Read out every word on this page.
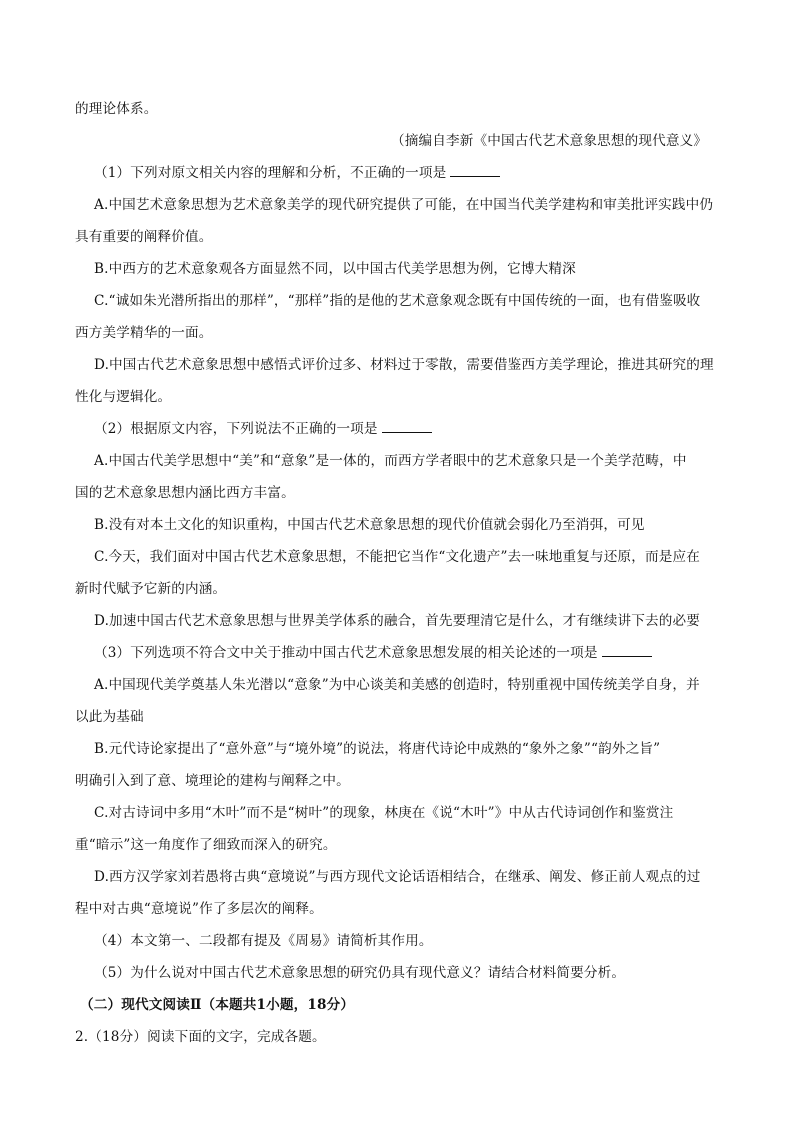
的理论体系。
（摘编自李新《中国古代艺术意象思想的现代意义》
（1）下列对原文相关内容的理解和分析，不正确的一项是
A.中国艺术意象思想为艺术意象美学的现代研究提供了可能，在中国当代美学建构和审美批评实践中仍
具有重要的阐释价值。
B.中西方的艺术意象观各方面显然不同，以中国古代美学思想为例，它博大精深
C.“诚如朱光潜所指出的那样”，“那样”指的是他的艺术意象观念既有中国传统的一面，也有借鉴吸收
西方美学精华的一面。
D.中国古代艺术意象思想中感悟式评价过多、材料过于零散，需要借鉴西方美学理论，推进其研究的理
性化与逻辑化。
（2）根据原文内容，下列说法不正确的一项是
A.中国古代美学思想中“美”和“意象”是一体的，而西方学者眼中的艺术意象只是一个美学范畴，中
国的艺术意象思想内涵比西方丰富。
B.没有对本土文化的知识重构，中国古代艺术意象思想的现代价值就会弱化乃至消弭，可见
C.今天，我们面对中国古代艺术意象思想，不能把它当作“文化遗产”去一味地重复与还原，而是应在
新时代赋予它新的内涵。
D.加速中国古代艺术意象思想与世界美学体系的融合，首先要理清它是什么，才有继续讲下去的必要
（3）下列选项不符合文中关于推动中国古代艺术意象思想发展的相关论述的一项是
A.中国现代美学奠基人朱光潜以“意象”为中心谈美和美感的创造时，特别重视中国传统美学自身，并
以此为基础
B.元代诗论家提出了“意外意”与“境外境”的说法，将唐代诗论中成熟的“象外之象”“韵外之旨”
明确引入到了意、境理论的建构与阐释之中。
C.对古诗词中多用“木叶”而不是“树叶”的现象，林庚在《说“木叶”》中从古代诗词创作和鉴赏注
重“暗示”这一角度作了细致而深入的研究。
D.西方汉学家刘若愚将古典“意境说”与西方现代文论话语相结合，在继承、阐发、修正前人观点的过
程中对古典“意境说”作了多层次的阐释。
（4）本文第一、二段都有提及《周易》请简析其作用。
（5）为什么说对中国古代艺术意象思想的研究仍具有现代意义？请结合材料简要分析。
（二）现代文阅读Ⅱ（本题共1小题，18分）
2.（18分）阅读下面的文字，完成各题。
